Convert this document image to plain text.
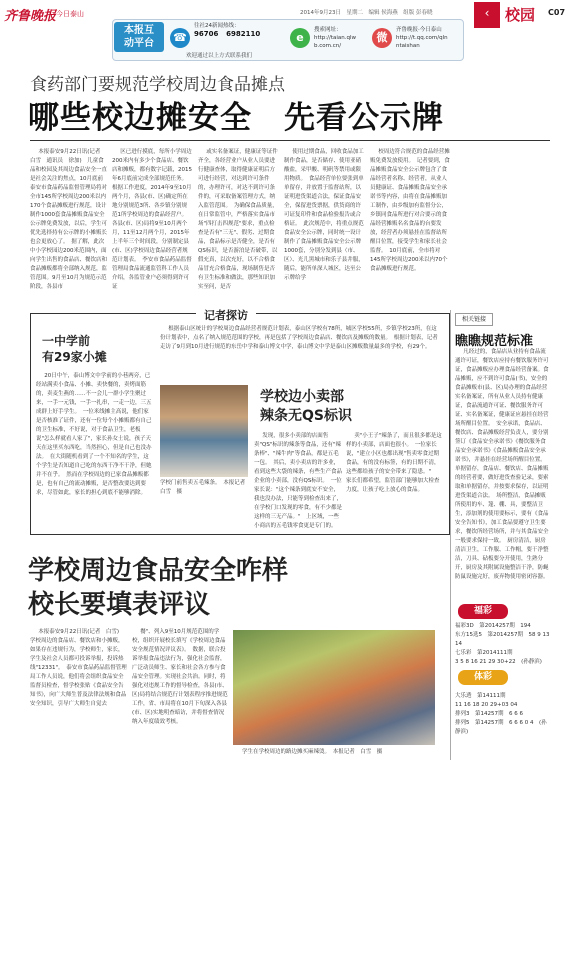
齐鲁晚报 今日泰山	2014年9月23日　星期二　编辑 侯海燕　组版 彭春晓	‹	校园 C07
本报互
动平台	☎
往社24新闻热线：
96706 6982110	e
搜索网址：
http://taian.qlw
b.com.cn/
微
齐鲁晚报·今日泰山
http://t.qq.com/qln
ntaishan
欢迎通过以上方式联系我们
食药部门要规范学校周边食品摊点
哪些校边摊安全　先看公示牌

本报泰安9月22日讯(记者　白雪　通讯员　徐加)　儿童食品和校园及其周边食品安全一直是社会关注的焦点，10月底前泰安市食品药品监督管理局将对全市145所学校周边200米以内170个食品摊贩进行规范，设计制作1000套食品摊贩食品安全公示牌免费发放，以后，学生可优先选择持有公示牌的小摊贩长也会更放心了。　据了解，此次中小学校园边200米范围内，面向学生出售的食品店、餐饮店和食品摊贩都将全部纳入规范，监管范围。9月至10月为规范示范阶段，各县市

区已进行摸底，每所小学周边200米内有多少个食品店、餐饮店和摊贩，都有数字记载，2015年6月底前完成全部规范任务。　根据工作进度，2014年9至10月两个月，各县(市、区)确定所在地分别规范3所、各乡镇分别规范1所学校周边的食品经营户。各县(市、区)局将9至10月两个月，11至12月两个月，2015年上半年三个时间段，分别制定县(市、区)学校周边食品经营者规范计划表。　李安市食品药品监督管理局食品流通监管科工作人员介绍，各监管业户必须得到许可证

或实名备案证，健康证等证件齐全，各经营业户从业人员要进行健康查体，取得健康证明后方可进行经营，对达到许可条件的，办理许可，对达不到许可条件的，可采取备案管理方式，纳入监管范围。　为确保食品质量，在日常监管中，严格落实食品市场"四打击四规范"要求，重点检查是否有"三无"、假劣、过期食品，食品标示是否健全，是否有QS标识，是否游泊是否破带，以假充真，以次充好，以不合格食品冒充合格食品，现场制售是否有卫生标准和做法，那些知识加实至问，是否

使用过期食品，回收食品加工制作食品，是否储存、使用亚硝酸盐，采甲酸、明矾等禁用或限用物质。　食品经营单位要张到单单留存，并放置于监督站所，以证明进货渠道合法，保证食品安全，保留进货票据，供货商的许可证复印件和食品检验报告或合格证。　此次规范中，将重点规范食品安全公示牌，同时统一设计制作了食品摊贩食品安全公示牌1000套，分别分发到县（市、区）、光儿黑城市和乐子县井服，随后，能所单深人城区，达至公示牌给学

校周边符合规范的食品经营摊贩免费发放使用。　记者要到，食品摊贩食品安全公示牌包含了食品经营者名称、经营者，从业人员健康证、食品摊贩食品安全承诺书等内容，由将在食品摊贩加工制作，由乡级加有监督分公，乡镇同食品所进行对合要示的食品经营摊贩名名食品的台要发放，经营者办须悬挂在监督站所醒目位置，接受学生和家长社会监督。　10月底前，全市将对145所学校周边200米以内70个食品摊贩进行规范。

记者探访

根据泰山区统计的学校周边食品经营者规范计划表，泰山区学校有78所，城区学校55所，乡镇学校23所，在这份计划表中，点名了纳入规范范围的学校，再是包括了学校周边食品店、餐饮店及摊贩的数量。　根据计划表，记者走访了9月到10月进行规范的东岳中学和泰山博文中学，泰山博文中学是泰山区摊贩数量最多的学校，有29个。

一中学前
有29家小摊

20日中午，泰山博文中学前的小巷两旁，已经站满卖小食品、小摊、卖快餐的，卖烤面筋的，卖麦生燕的……不一会儿一群小学生聚过来，一手一元钱，一手一扎串，一走一边，三五成群上好手学生。　一位米线摊主高说，他们家是否核准了证件，还有一位每个小摊贩都有自己的卫生标准，不好说，对于食品卫生，老板说"怎么样就看人家了"，家长孙女士说，孩子天天在这里买东西吃，当然担心，但是自己也没办法。　在大街随机看到了一个不知名的学生，这个学生是否知道自己吃的东西干净不干净，但她并不在乎。　然而在学校周边的已家食品摊贩都是，也有自己的流动摊贩，是否整改要达到要求，尽管如此，家长的担心到底不能够消除。

学校门前售卖五毛辣条。　本报记者　白雪　摄
学校边小卖部
辣条无QS标识

发现，很多小卖部的店面售卖"QS"标识的辣条等食品，还有"辣条棒"、"辣牛肉"等食品，都是五毛一包。　其后，卖小卖店的许多业，看到这些大袋的辣条，有些生产食品企业的小卖部，没有QS标识。　一位家长说："这个辣条到底安不安全，我也没办法，只能等到检查出来了，在学校门口发现的零食，有不少都是这样的三无产品。"　上区域，一些小商店的五毛钱零食更是专门的。

卖"小王子"辣条了，而且很多都是这样的小卖部，店面也很小。　一位家长说，"建立小区也都出现"售卖零食过期食品，有的没有标签，有的日期不清，这些都给孩子的安全带来了隐患。"　家长们都希望，监管部门能够加大检查力度，让孩子吃上放心的食品。

学校周边食品安全咋样
校长要填表评议

本报泰安9月22日讯(记者　白雪)　学校周边的食品店、餐饮店和小摊贩，如果存在违规行为，学校师生，家长，学生及社会人员都可投诉举报，投诉热线"12331"。　泰安市食品药品监督管理局工作人员说，他们将会组织食品安全监督员检查，督学校张贴《食品安全告知书》，向广大师生普及法律法规和食品安全知识，引导广大师生自觉去

餐"、列入9至10月规范范围的学校，组织开展校长填写《学校周边食品安全规范情况评议表》。　数据，联合投诉举报食品违法行为，强化社会监督，广泛动员师生、家长和社会各方参与食品安全管理。实现社会共治。同时，将强化对违规工作的督导检查，各县(市、区)局将结合规范行计划表程序推进规范工作，省、市局将在10月下旬深入各县(市、区)实地明查暗访，并将督查情况纳入年度绩效考核。

学生在学校周边的路边摊买麻辣烫。　本报记者　白雪　摄
相关链接
瞧瞧规范标准

凡经过的，食品店从业持有食品流通许可证，餐饮店应持有餐饮服务许可证，食品摊贩应办理食品经营备案。食品摊贩，应不到许可食品(书)，安全的食品摊贩市(县、区)局办理的食品经营实名备案证，所有从业人员持有健康证，食品流通许可证、餐饮服务许可证、实名备案证，健康证应悬挂在经营场所醒目位置。　安全承诺，食品店、餐饮店、食品摊贩经营负责人，要分别签订《食品安全承诺书》《餐饮服务食品安全承诺书》《食品摊贩食品安全承诺书》，并悬挂在经营场所醒目位置。　单据留存，食品店、餐饮店、食品摊贩的经营者要，做好进货查验记录，要索取和单据留存，并按要求保存，以证明进货渠道合法。　场所整洁，食品摊贩所使用的车、篷、棚、具，要整洁卫生，添加剂的使用要标示，要有《食品安全告知书》，加工食品要遵守卫生要求，餐饮所经营场所，并与其食品安全一般要求保持一致。　厨房清洁，厨房清洁卫生，工作服、工作帽，要干净整洁，刀具、砧板要分开使用，生熟分开，厨房及其附属设施整洁干净，防蝇防鼠设施完好，废弃物使用密闭容器。

福彩
福彩3D　第2014257期　194
东方15选5　第2014257期　58 9 13 14
七乐彩　第2014111期
3 5 8 16 21 29 30+22　(孙静滨)
体彩
大乐透　第14111期
11 16 18 20 29+03 04
排列3　第14257期　6 6 6
排列5　第14257期　6 6 6 0 4　(孙静滨)
